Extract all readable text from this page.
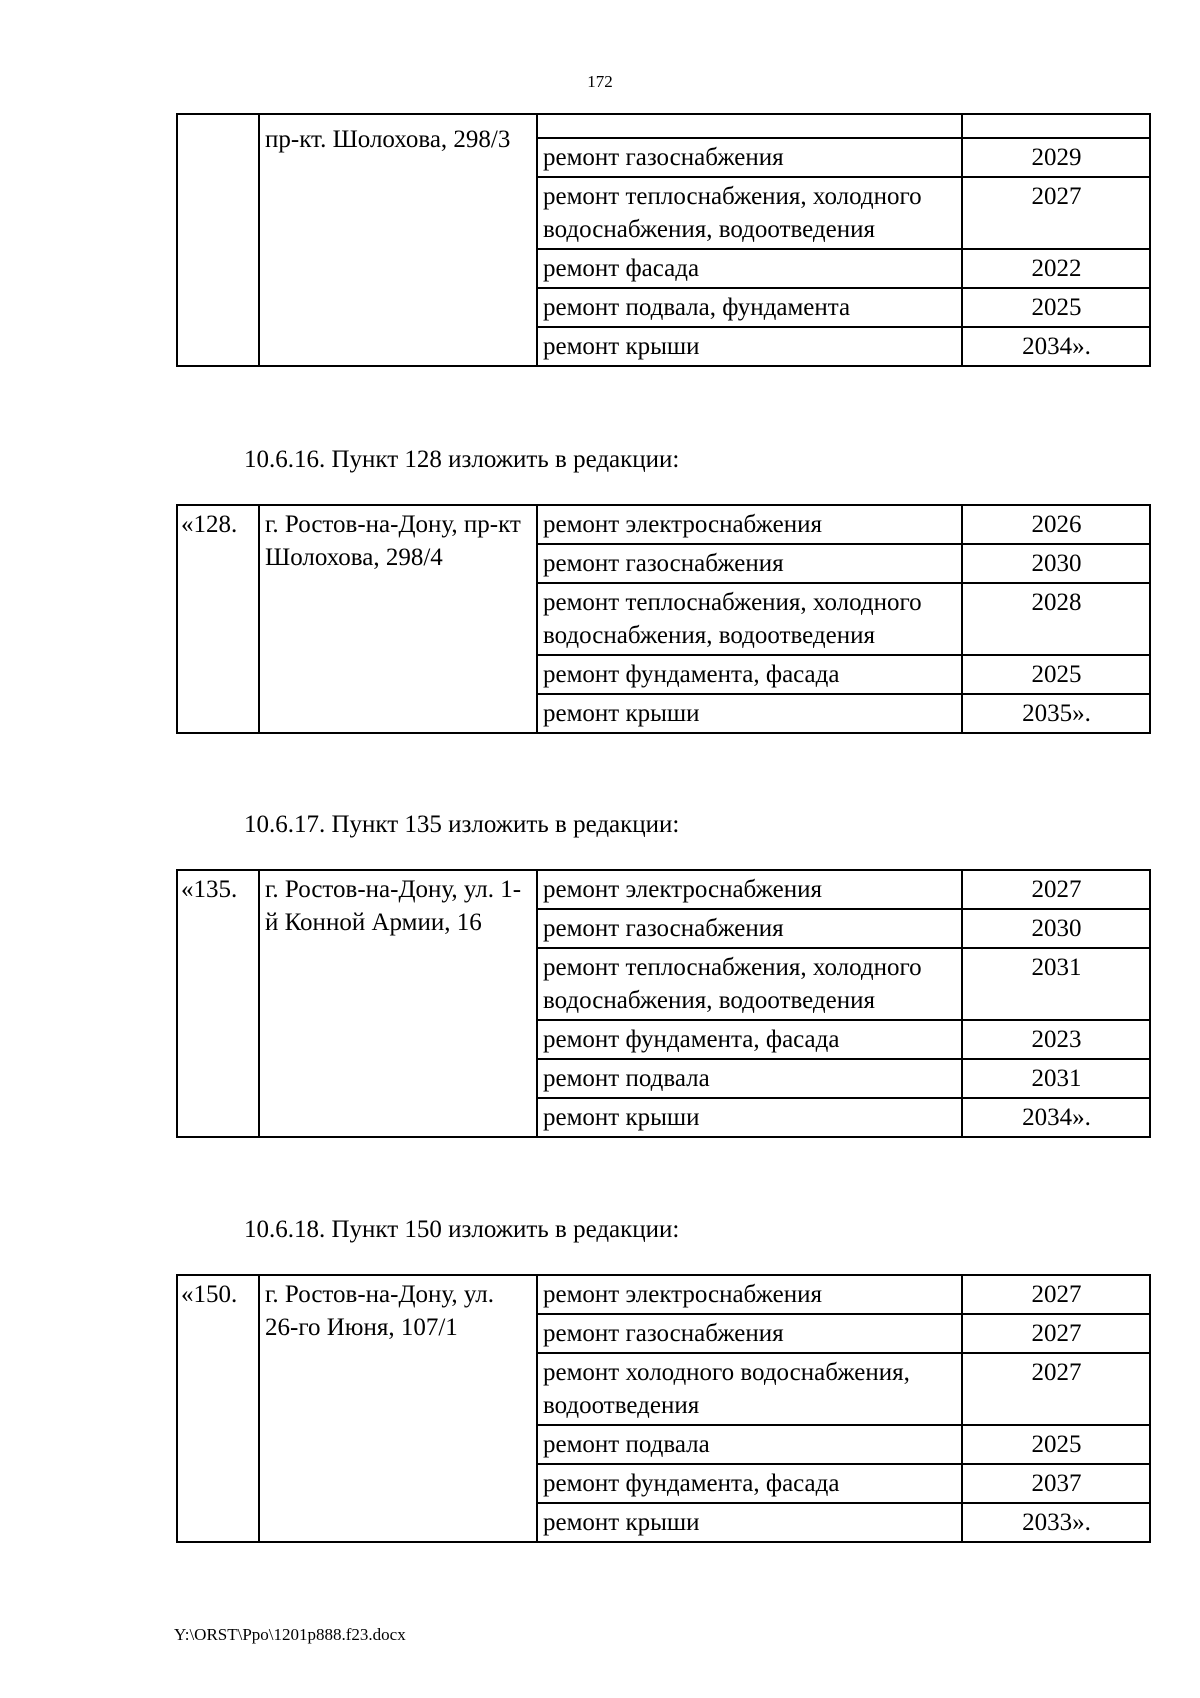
172
	пр-кт. Шолохова, 298/3		
		ремонт газоснабжения	2029
		ремонт теплоснабжения, холодного водоснабжения, водоотведения	2027
		ремонт фасада	2022
		ремонт подвала, фундамента	2025
		ремонт крыши	2034».
10.6.16. Пункт 128 изложить в редакции:
«128.	г. Ростов-на-Дону, пр-кт Шолохова, 298/4	ремонт электроснабжения	2026
		ремонт газоснабжения	2030
		ремонт теплоснабжения, холодного водоснабжения, водоотведения	2028
		ремонт фундамента, фасада	2025
		ремонт крыши	2035».
10.6.17. Пункт 135 изложить в редакции:
«135.	г. Ростов-на-Дону, ул. 1-й Конной Армии, 16	ремонт электроснабжения	2027
		ремонт газоснабжения	2030
		ремонт теплоснабжения, холодного водоснабжения, водоотведения	2031
		ремонт фундамента, фасада	2023
		ремонт подвала	2031
		ремонт крыши	2034».
10.6.18. Пункт 150 изложить в редакции:
«150.	г. Ростов-на-Дону, ул. 26-го Июня, 107/1	ремонт электроснабжения	2027
		ремонт газоснабжения	2027
		ремонт холодного водоснабжения, водоотведения	2027
		ремонт подвала	2025
		ремонт фундамента, фасада	2037
		ремонт крыши	2033».
Y:\ORST\Ppo\1201p888.f23.docx
